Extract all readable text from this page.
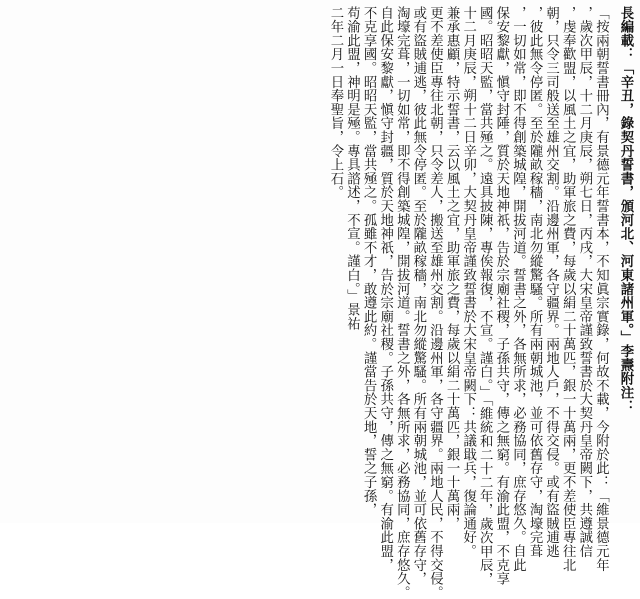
長編載：「辛丑，錄契丹誓書，頒河北、河東諸州軍。」李燾附注：
「按兩朝誓書冊內，有景德元年誓書本，不知眞宗實錄，何故不載，今附於此：「維景德元年
，歲次甲辰，十二月庚辰，朔七日，丙戌，大宋皇帝謹致誓書於大契丹皇帝闕下，共遵誠信
，虔奉歡盟，以風土之宜，助軍旅之費，每歲以絹二十萬匹，銀一十萬兩，更不差使臣專往北
朝，只令三司般送至雄州交割。沿邊州軍，各守疆界。兩地人戶，不得交侵。或有盜賊逋逃
，彼此無令停匿。至於隴畝稼穡，南北勿縱驚騷。所有兩朝城池，並可依舊存守，淘壕完葺
，一切如常，即不得創築城隍，開拔河道。誓書之外，各無所求，必務協同，庶存悠久。自此
保安黎獻，愼守封陲，質於天地神祇，告於宗廟社稷，子孫共守，傳之無窮。有渝此盟，不克享
國。昭昭天監，當共殛之。遠具披陳，專俟報復，不宣。謹白。」「維統和二十二年，歲次甲辰，
十二月庚辰，朔十二日辛卯，大契丹皇帝謹致誓書於大宋皇帝闕下：共議戢兵，復論通好。
兼承惠顧，特示誓書，云以風土之宜，助軍旅之費，每歲以絹二十萬匹，銀一十萬兩，
更不差使臣專往北朝，只令差人，搬送至雄州交割。沿邊州軍，各守疆界。兩地人民，不得交侵。
或有盜賊逋逃，彼此無令停匿。至於隴畝稼穡，南北勿縱驚騷。所有兩朝城池，並可依舊存守，
淘壕完葺，一切如常，即不得創築城隍，開拔河道。誓書之外，各無所求，必務協同，庶存悠久。
自此保安黎獻，愼守封疆，質於天地神祇，告於宗廟社稷。子孫共守，傳之無窮。有渝此盟，
不克享國。昭昭天監，當共殛之。孤雖不才，敢遵此約。謹當告於天地，誓之子孫，
苟渝此盟，神明是殛。專具諮述，不宣。謹白。」景祐
二年二月一日奉聖旨，令上石。
